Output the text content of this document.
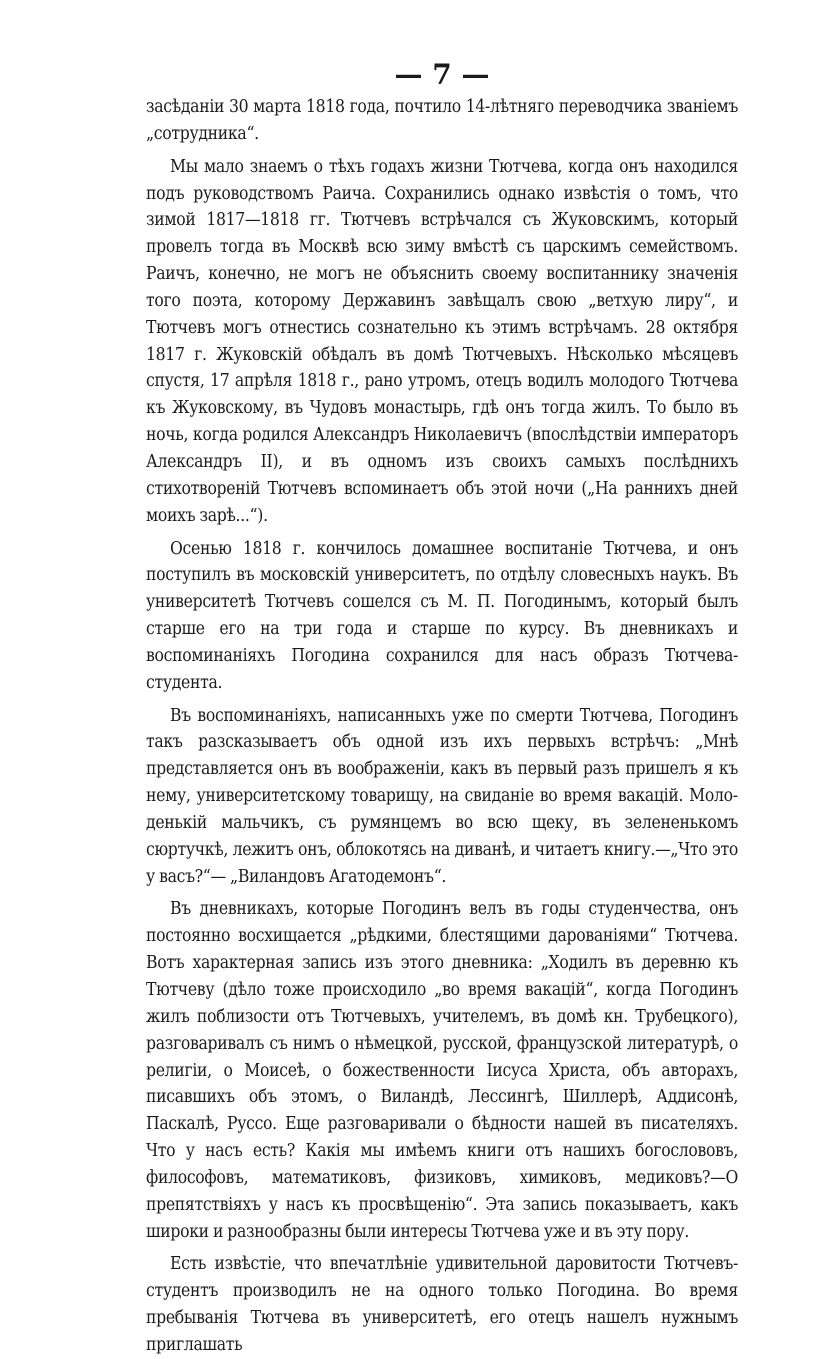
— 7 —

засѣданіи 30 марта 1818 года, почтило 14-лѣтняго переводчика званіемъ „сотрудника“.

Мы мало знаемъ о тѣхъ годахъ жизни Тютчева, когда онъ находился подъ руководствомъ Раича. Сохранились однако извѣстія о томъ, что зимой 1817—1818 гг. Тютчевъ встрѣчался съ Жуковскимъ, который провелъ тогда въ Москвѣ всю зиму вмѣстѣ съ царскимъ семействомъ. Раичъ, конечно, не могъ не объяснить своему воспитаннику значенія того поэта, которому Державинъ завѣщалъ свою „ветхую лиру“, и Тютчевъ могъ отнестись сознательно къ этимъ встрѣчамъ. 28 октября 1817 г. Жуковскій обѣдалъ въ домѣ Тютчевыхъ. Нѣсколько мѣсяцевъ спустя, 17 апрѣля 1818 г., рано утромъ, отецъ водилъ молодого Тютчева къ Жуковскому, въ Чудовъ монастырь, гдѣ онъ тогда жилъ. То было въ ночь, когда родился Александръ Николаевичъ (впослѣдствіи императоръ Александръ II), и въ одномъ изъ своихъ самыхъ послѣднихъ стихотвореній Тютчевъ вспоминаетъ объ этой ночи („На раннихъ дней моихъ зарѣ...“).

Осенью 1818 г. кончилось домашнее воспитаніе Тютчева, и онъ поступилъ въ московскій университетъ, по отдѣлу словесныхъ наукъ. Въ университетѣ Тютчевъ сошелся съ М. П. Погодинымъ, который былъ старше его на три года и старше по курсу. Въ дневникахъ и воспоминаніяхъ Погодина сохранился для насъ образъ Тютчева-студента.

Въ воспоминаніяхъ, написанныхъ уже по смерти Тютчева, Погодинъ такъ разсказываетъ объ одной изъ ихъ первыхъ встрѣчъ: „Мнѣ представляется онъ въ воображеніи, какъ въ первый разъ пришелъ я къ нему, университетскому товарищу, на свиданіе во время вакацій. Молоденькій мальчикъ, съ румянцемъ во всю щеку, въ зелененькомъ сюртучкѣ, лежитъ онъ, облокотясь на диванѣ, и читаетъ книгу.—„Что это у васъ?“— „Виландовъ Агатодемонъ“.

Въ дневникахъ, которые Погодинъ велъ въ годы студенчества, онъ постоянно восхищается „рѣдкими, блестящими дарованіями“ Тютчева. Вотъ характерная запись изъ этого дневника: „Ходилъ въ деревню къ Тютчеву (дѣло тоже происходило „во время вакацій“, когда Погодинъ жилъ поблизости отъ Тютчевыхъ, учителемъ, въ домѣ кн. Трубецкого), разговаривалъ съ нимъ о нѣмецкой, русской, французской литературѣ, о религіи, о Моисеѣ, о божественности Іисуса Христа, объ авторахъ, писавшихъ объ этомъ, о Виландѣ, Лессингѣ, Шиллерѣ, Аддисонѣ, Паскалѣ, Руссо. Еще разговаривали о бѣдности нашей въ писателяхъ. Что у насъ есть? Какія мы имѣемъ книги отъ нашихъ богослововъ, философовъ, математиковъ, физиковъ, химиковъ, медиковъ?—О препятствіяхъ у насъ къ просвѣщенію“. Эта запись показываетъ, какъ широки и разнообразны были интересы Тютчева уже и въ эту пору.

Есть извѣстіе, что впечатлѣніе удивительной даровитости Тютчевъ-студентъ производилъ не на одного только Погодина. Во время пребыванія Тютчева въ университетѣ, его отецъ нашелъ нужнымъ приглашать
